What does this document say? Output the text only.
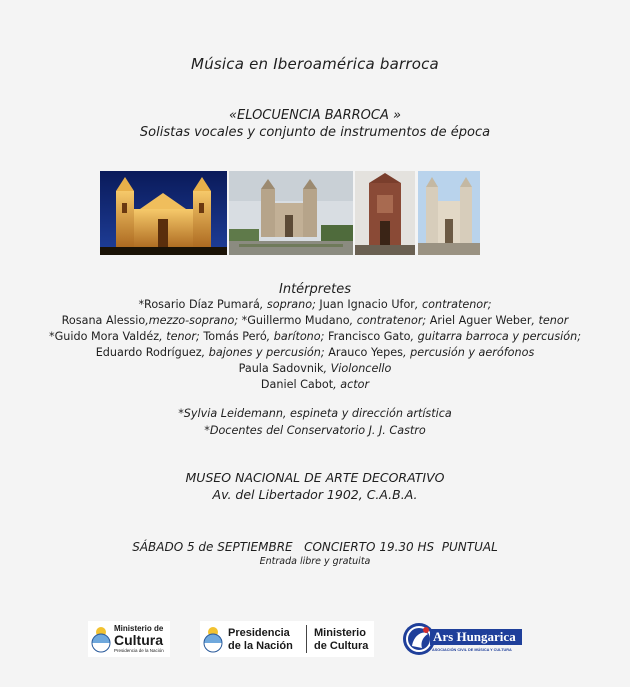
Música en Iberoamérica barroca
«ELOCUENCIA BARROCA »
Solistas vocales y conjunto de instrumentos de época
Intérpretes
*Rosario Díaz Pumará, soprano; Juan Ignacio Ufor, contratenor;
Rosana Alessio,mezzo-soprano; *Guillermo Mudano, contratenor; Ariel Aguer Weber, tenor
*Guido Mora Valdéz, tenor; Tomás Peró, barítono; Francisco Gato, guitarra barroca y percusión;
Eduardo Rodríguez, bajones y percusión; Arauco Yepes, percusión y aerófonos
Paula Sadovnik, Violoncello
Daniel Cabot, actor
*Sylvia Leidemann, espineta y dirección artística
*Docentes del Conservatorio J. J. Castro
MUSEO NACIONAL DE ARTE DECORATIVO
Av. del Libertador 1902, C.A.B.A.
SÁBADO 5 de SEPTIEMBRE   CONCIERTO 19.30 HS  PUNTUAL
Entrada libre y gratuita
Ministerio de
Cultura
Presidencia de la Nación
Presidencia
de la Nación
Ministerio
de Cultura
Ars Hungarica
ASOCIACIÓN CIVIL DE MÚSICA Y CULTURA
